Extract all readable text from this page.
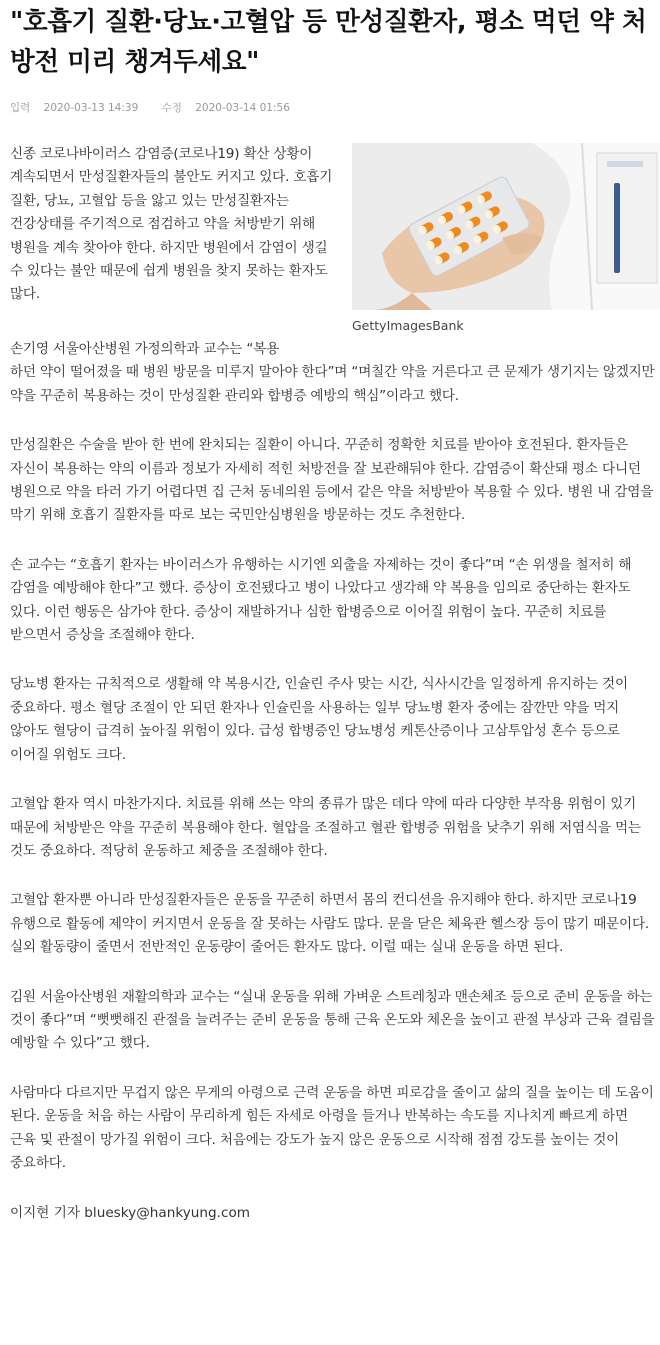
"호흡기 질환·당뇨·고혈압 등 만성질환자, 평소 먹던 약 처방전 미리 챙겨두세요"
입력 2020-03-13 14:39 수정 2020-03-14 01:56
신종 코로나바이러스 감염증(코로나19) 확산 상황이 계속되면서 만성질환자들의 불안도 커지고 있다. 호흡기 질환, 당뇨, 고혈압 등을 앓고 있는 만성질환자는 건강상태를 주기적으로 점검하고 약을 처방받기 위해 병원을 계속 찾아야 한다. 하지만 병원에서 감염이 생길 수 있다는 불안 때문에 쉽게 병원을 찾지 못하는 환자도 많다.
GettyImagesBank
손기영 서울아산병원 가정의학과 교수는 “복용
하던 약이 떨어졌을 때 병원 방문을 미루지 말아야 한다”며 “며칠간 약을 거른다고 큰 문제가 생기지는 않겠지만 약을 꾸준히 복용하는 것이 만성질환 관리와 합병증 예방의 핵심”이라고 했다.
만성질환은 수술을 받아 한 번에 완치되는 질환이 아니다. 꾸준히 정확한 치료를 받아야 호전된다. 환자들은 자신이 복용하는 약의 이름과 정보가 자세히 적힌 처방전을 잘 보관해둬야 한다. 감염증이 확산돼 평소 다니던 병원으로 약을 타러 가기 어렵다면 집 근처 동네의원 등에서 같은 약을 처방받아 복용할 수 있다. 병원 내 감염을 막기 위해 호흡기 질환자를 따로 보는 국민안심병원을 방문하는 것도 추천한다.
손 교수는 “호흡기 환자는 바이러스가 유행하는 시기엔 외출을 자제하는 것이 좋다”며 “손 위생을 철저히 해 감염을 예방해야 한다”고 했다. 증상이 호전됐다고 병이 나았다고 생각해 약 복용을 임의로 중단하는 환자도 있다. 이런 행동은 삼가야 한다. 증상이 재발하거나 심한 합병증으로 이어질 위험이 높다. 꾸준히 치료를 받으면서 증상을 조절해야 한다.
당뇨병 환자는 규칙적으로 생활해 약 복용시간, 인슐린 주사 맞는 시간, 식사시간을 일정하게 유지하는 것이 중요하다. 평소 혈당 조절이 안 되던 환자나 인슐린을 사용하는 일부 당뇨병 환자 중에는 잠깐만 약을 먹지 않아도 혈당이 급격히 높아질 위험이 있다. 급성 합병증인 당뇨병성 케톤산증이나 고삼투압성 혼수 등으로 이어질 위험도 크다.
고혈압 환자 역시 마찬가지다. 치료를 위해 쓰는 약의 종류가 많은 데다 약에 따라 다양한 부작용 위험이 있기 때문에 처방받은 약을 꾸준히 복용해야 한다. 혈압을 조절하고 혈관 합병증 위험을 낮추기 위해 저염식을 먹는 것도 중요하다. 적당히 운동하고 체중을 조절해야 한다.
고혈압 환자뿐 아니라 만성질환자들은 운동을 꾸준히 하면서 몸의 컨디션을 유지해야 한다. 하지만 코로나19 유행으로 활동에 제약이 커지면서 운동을 잘 못하는 사람도 많다. 문을 닫은 체육관 헬스장 등이 많기 때문이다. 실외 활동량이 줄면서 전반적인 운동량이 줄어든 환자도 많다. 이럴 때는 실내 운동을 하면 된다.
김원 서울아산병원 재활의학과 교수는 “실내 운동을 위해 가벼운 스트레칭과 맨손체조 등으로 준비 운동을 하는 것이 좋다”며 “뻣뻣해진 관절을 늘려주는 준비 운동을 통해 근육 온도와 체온을 높이고 관절 부상과 근육 결림을 예방할 수 있다”고 했다.
사람마다 다르지만 무겁지 않은 무게의 아령으로 근력 운동을 하면 피로감을 줄이고 삶의 질을 높이는 데 도움이 된다. 운동을 처음 하는 사람이 무리하게 힘든 자세로 아령을 들거나 반복하는 속도를 지나치게 빠르게 하면 근육 및 관절이 망가질 위험이 크다. 처음에는 강도가 높지 않은 운동으로 시작해 점점 강도를 높이는 것이 중요하다.
이지현 기자 bluesky@hankyung.com
